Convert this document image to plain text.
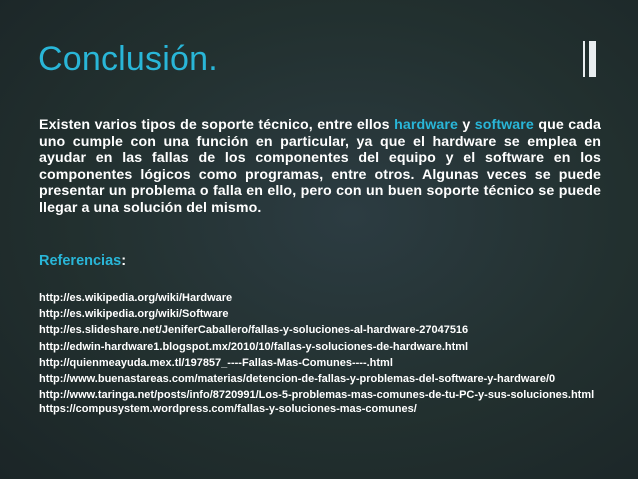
Conclusión.
Existen varios tipos de soporte técnico, entre ellos hardware y software que cada uno cumple con una función en particular, ya que el hardware se emplea en ayudar en las fallas de los componentes del equipo y el software en los componentes lógicos como programas, entre otros. Algunas veces se puede presentar un problema o falla en ello, pero con un buen soporte técnico se puede llegar a una solución del mismo.
Referencias:
http://es.wikipedia.org/wiki/Hardware
http://es.wikipedia.org/wiki/Software
http://es.slideshare.net/JeniferCaballero/fallas-y-soluciones-al-hardware-27047516
http://edwin-hardware1.blogspot.mx/2010/10/fallas-y-soluciones-de-hardware.html
http://quienmeayuda.mex.tl/197857_----Fallas-Mas-Comunes----.html
http://www.buenastareas.com/materias/detencion-de-fallas-y-problemas-del-software-y-hardware/0
http://www.taringa.net/posts/info/8720991/Los-5-problemas-mas-comunes-de-tu-PC-y-sus-soluciones.html
https://compusystem.wordpress.com/fallas-y-soluciones-mas-comunes/
